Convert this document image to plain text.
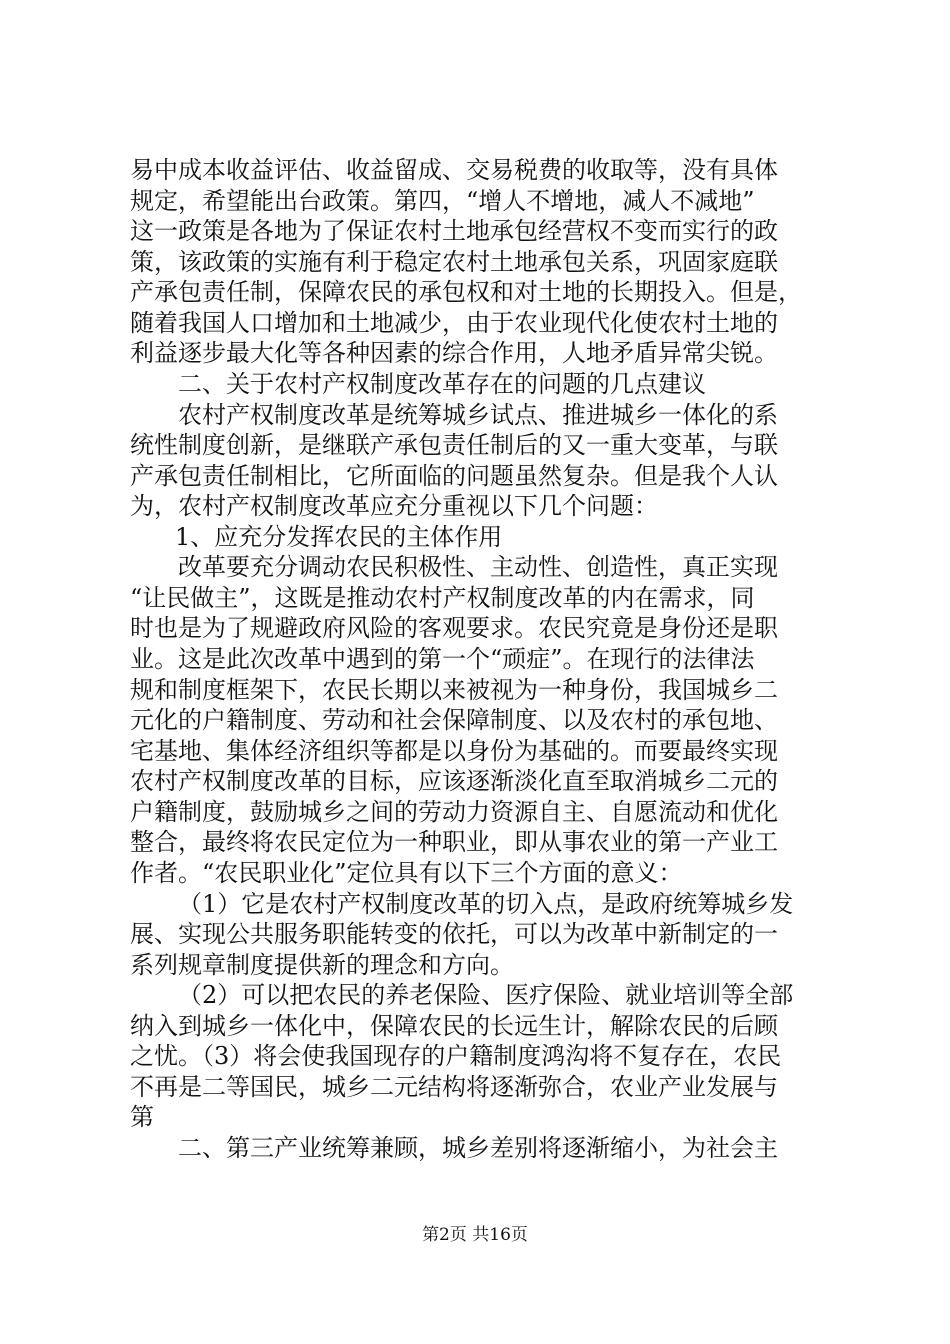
易中成本收益评估、收益留成、交易税费的收取等，没有具体
规定，希望能出台政策。第四，“增人不增地，减人不减地”
这一政策是各地为了保证农村土地承包经营权不变而实行的政
策，该政策的实施有利于稳定农村土地承包关系，巩固家庭联
产承包责任制，保障农民的承包权和对土地的长期投入。但是，
随着我国人口增加和土地减少，由于农业现代化使农村土地的
利益逐步最大化等各种因素的综合作用，人地矛盾异常尖锐。
二、关于农村产权制度改革存在的问题的几点建议
农村产权制度改革是统筹城乡试点、推进城乡一体化的系
统性制度创新，是继联产承包责任制后的又一重大变革，与联
产承包责任制相比，它所面临的问题虽然复杂。但是我个人认
为，农村产权制度改革应充分重视以下几个问题：
1、应充分发挥农民的主体作用
改革要充分调动农民积极性、主动性、创造性，真正实现
“让民做主”，这既是推动农村产权制度改革的内在需求，同
时也是为了规避政府风险的客观要求。农民究竟是身份还是职
业。这是此次改革中遇到的第一个“顽症”。在现行的法律法
规和制度框架下，农民长期以来被视为一种身份，我国城乡二
元化的户籍制度、劳动和社会保障制度、以及农村的承包地、
宅基地、集体经济组织等都是以身份为基础的。而要最终实现
农村产权制度改革的目标，应该逐渐淡化直至取消城乡二元的
户籍制度，鼓励城乡之间的劳动力资源自主、自愿流动和优化
整合，最终将农民定位为一种职业，即从事农业的第一产业工
作者。“农民职业化”定位具有以下三个方面的意义：
（1）它是农村产权制度改革的切入点，是政府统筹城乡发
展、实现公共服务职能转变的依托，可以为改革中新制定的一
系列规章制度提供新的理念和方向。
（2）可以把农民的养老保险、医疗保险、就业培训等全部
纳入到城乡一体化中，保障农民的长远生计，解除农民的后顾
之忧。（3）将会使我国现存的户籍制度鸿沟将不复存在，农民
不再是二等国民，城乡二元结构将逐渐弥合，农业产业发展与
第
二、第三产业统筹兼顾，城乡差别将逐渐缩小，为社会主
第2页 共16页
